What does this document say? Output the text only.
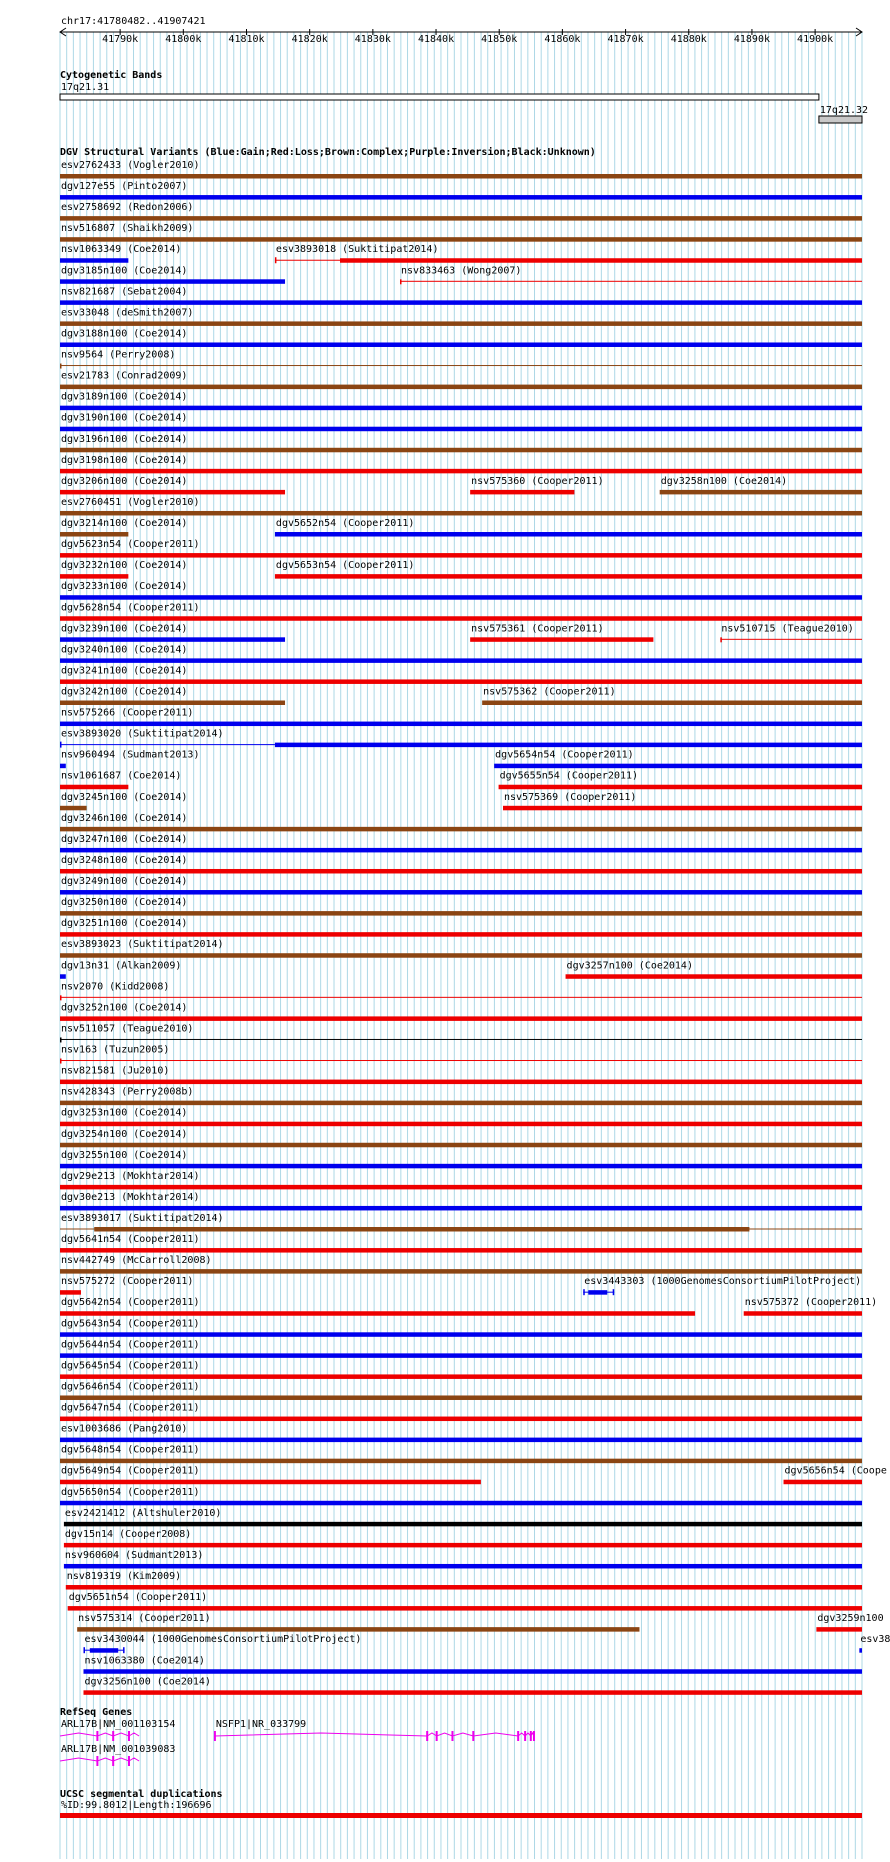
chr17:41780482..41907421
41790k	41800k	41810k	41820k	41830k	41840k	41850k	41860k	41870k	41880k	41890k	41900k
Cytogenetic Bands
17q21.31
17q21.32
DGV Structural Variants (Blue:Gain;Red:Loss;Brown:Complex;Purple:Inversion;Black:Unknown)
esv2762433 (Vogler2010)
dgv127e55 (Pinto2007)
esv2758692 (Redon2006)
nsv516807 (Shaikh2009)
nsv1063349 (Coe2014)	esv3893018 (Suktitipat2014)
dgv3185n100 (Coe2014)	nsv833463 (Wong2007)
nsv821687 (Sebat2004)
esv33048 (deSmith2007)
dgv3188n100 (Coe2014)
nsv9564 (Perry2008)
esv21783 (Conrad2009)
dgv3189n100 (Coe2014)
dgv3190n100 (Coe2014)
dgv3196n100 (Coe2014)
dgv3198n100 (Coe2014)
dgv3206n100 (Coe2014)	nsv575360 (Cooper2011)	dgv3258n100 (Coe2014)
esv2760451 (Vogler2010)
dgv3214n100 (Coe2014)	dgv5652n54 (Cooper2011)
dgv5623n54 (Cooper2011)
dgv3232n100 (Coe2014)	dgv5653n54 (Cooper2011)
dgv3233n100 (Coe2014)
dgv5628n54 (Cooper2011)
dgv3239n100 (Coe2014)	nsv575361 (Cooper2011)	nsv510715 (Teague2010)
dgv3240n100 (Coe2014)
dgv3241n100 (Coe2014)
dgv3242n100 (Coe2014)	nsv575362 (Cooper2011)
nsv575266 (Cooper2011)
esv3893020 (Suktitipat2014)
nsv960494 (Sudmant2013)	dgv5654n54 (Cooper2011)
nsv1061687 (Coe2014)	dgv5655n54 (Cooper2011)
dgv3245n100 (Coe2014)	nsv575369 (Cooper2011)
dgv3246n100 (Coe2014)
dgv3247n100 (Coe2014)
dgv3248n100 (Coe2014)
dgv3249n100 (Coe2014)
dgv3250n100 (Coe2014)
dgv3251n100 (Coe2014)
esv3893023 (Suktitipat2014)
dgv13n31 (Alkan2009)	dgv3257n100 (Coe2014)
nsv2070 (Kidd2008)
dgv3252n100 (Coe2014)
nsv511057 (Teague2010)
nsv163 (Tuzun2005)
nsv821581 (Ju2010)
nsv428343 (Perry2008b)
dgv3253n100 (Coe2014)
dgv3254n100 (Coe2014)
dgv3255n100 (Coe2014)
dgv29e213 (Mokhtar2014)
dgv30e213 (Mokhtar2014)
esv3893017 (Suktitipat2014)
dgv5641n54 (Cooper2011)
nsv442749 (McCarroll2008)
nsv575272 (Cooper2011)	esv3443303 (1000GenomesConsortiumPilotProject)
dgv5642n54 (Cooper2011)	nsv575372 (Cooper2011)
dgv5643n54 (Cooper2011)
dgv5644n54 (Cooper2011)
dgv5645n54 (Cooper2011)
dgv5646n54 (Cooper2011)
dgv5647n54 (Cooper2011)
esv1003686 (Pang2010)
dgv5648n54 (Cooper2011)
dgv5649n54 (Cooper2011)	dgv5656n54 (Coope
dgv5650n54 (Cooper2011)
esv2421412 (Altshuler2010)
dgv15n14 (Cooper2008)
nsv960604 (Sudmant2013)
nsv819319 (Kim2009)
dgv5651n54 (Cooper2011)
nsv575314 (Cooper2011)	dgv3259n100
esv3430044 (1000GenomesConsortiumPilotProject)	esv38
nsv1063380 (Coe2014)
dgv3256n100 (Coe2014)
RefSeq Genes
ARL17B|NM_001103154	NSFP1|NR_033799
ARL17B|NM_001039083
UCSC segmental duplications
%ID:99.8012|Length:196696
